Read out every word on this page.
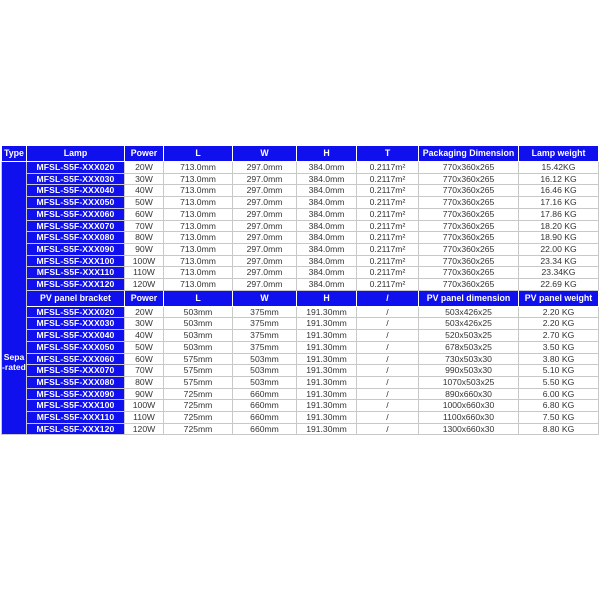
Type	Lamp	Power	L	W	H	T	Packaging Dimension	Lamp weight

Sepa
-rated	MFSL-S5F-XXX020	20W	713.0mm	297.0mm	384.0mm	0.2117m²	770x360x265	15.42KG
	MFSL-S5F-XXX030	30W	713.0mm	297.0mm	384.0mm	0.2117m²	770x360x265	16.12 KG
	MFSL-S5F-XXX040	40W	713.0mm	297.0mm	384.0mm	0.2117m²	770x360x265	16.46 KG
	MFSL-S5F-XXX050	50W	713.0mm	297.0mm	384.0mm	0.2117m²	770x360x265	17.16 KG
	MFSL-S5F-XXX060	60W	713.0mm	297.0mm	384.0mm	0.2117m²	770x360x265	17.86 KG
	MFSL-S5F-XXX070	70W	713.0mm	297.0mm	384.0mm	0.2117m²	770x360x265	18.20 KG
	MFSL-S5F-XXX080	80W	713.0mm	297.0mm	384.0mm	0.2117m²	770x360x265	18.90 KG
	MFSL-S5F-XXX090	90W	713.0mm	297.0mm	384.0mm	0.2117m²	770x360x265	22.00 KG
	MFSL-S5F-XXX100	100W	713.0mm	297.0mm	384.0mm	0.2117m²	770x360x265	23.34 KG
	MFSL-S5F-XXX110	110W	713.0mm	297.0mm	384.0mm	0.2117m²	770x360x265	23.34KG
	MFSL-S5F-XXX120	120W	713.0mm	297.0mm	384.0mm	0.2117m²	770x360x265	22.69 KG
	PV panel bracket	Power	L	W	H	/	PV panel dimension	PV panel weight
	MFSL-S5F-XXX020	20W	503mm	375mm	191.30mm	/	503x426x25	2.20 KG
	MFSL-S5F-XXX030	30W	503mm	375mm	191.30mm	/	503x426x25	2.20 KG
	MFSL-S5F-XXX040	40W	503mm	375mm	191.30mm	/	520x503x25	2.70 KG
	MFSL-S5F-XXX050	50W	503mm	375mm	191.30mm	/	678x503x25	3.50 KG
	MFSL-S5F-XXX060	60W	575mm	503mm	191.30mm	/	730x503x30	3.80 KG
	MFSL-S5F-XXX070	70W	575mm	503mm	191.30mm	/	990x503x30	5.10 KG
	MFSL-S5F-XXX080	80W	575mm	503mm	191.30mm	/	1070x503x25	5.50 KG
	MFSL-S5F-XXX090	90W	725mm	660mm	191.30mm	/	890x660x30	6.00 KG
	MFSL-S5F-XXX100	100W	725mm	660mm	191.30mm	/	1000x660x30	6.80 KG
	MFSL-S5F-XXX110	110W	725mm	660mm	191.30mm	/	1100x660x30	7.50 KG
	MFSL-S5F-XXX120	120W	725mm	660mm	191.30mm	/	1300x660x30	8.80 KG
